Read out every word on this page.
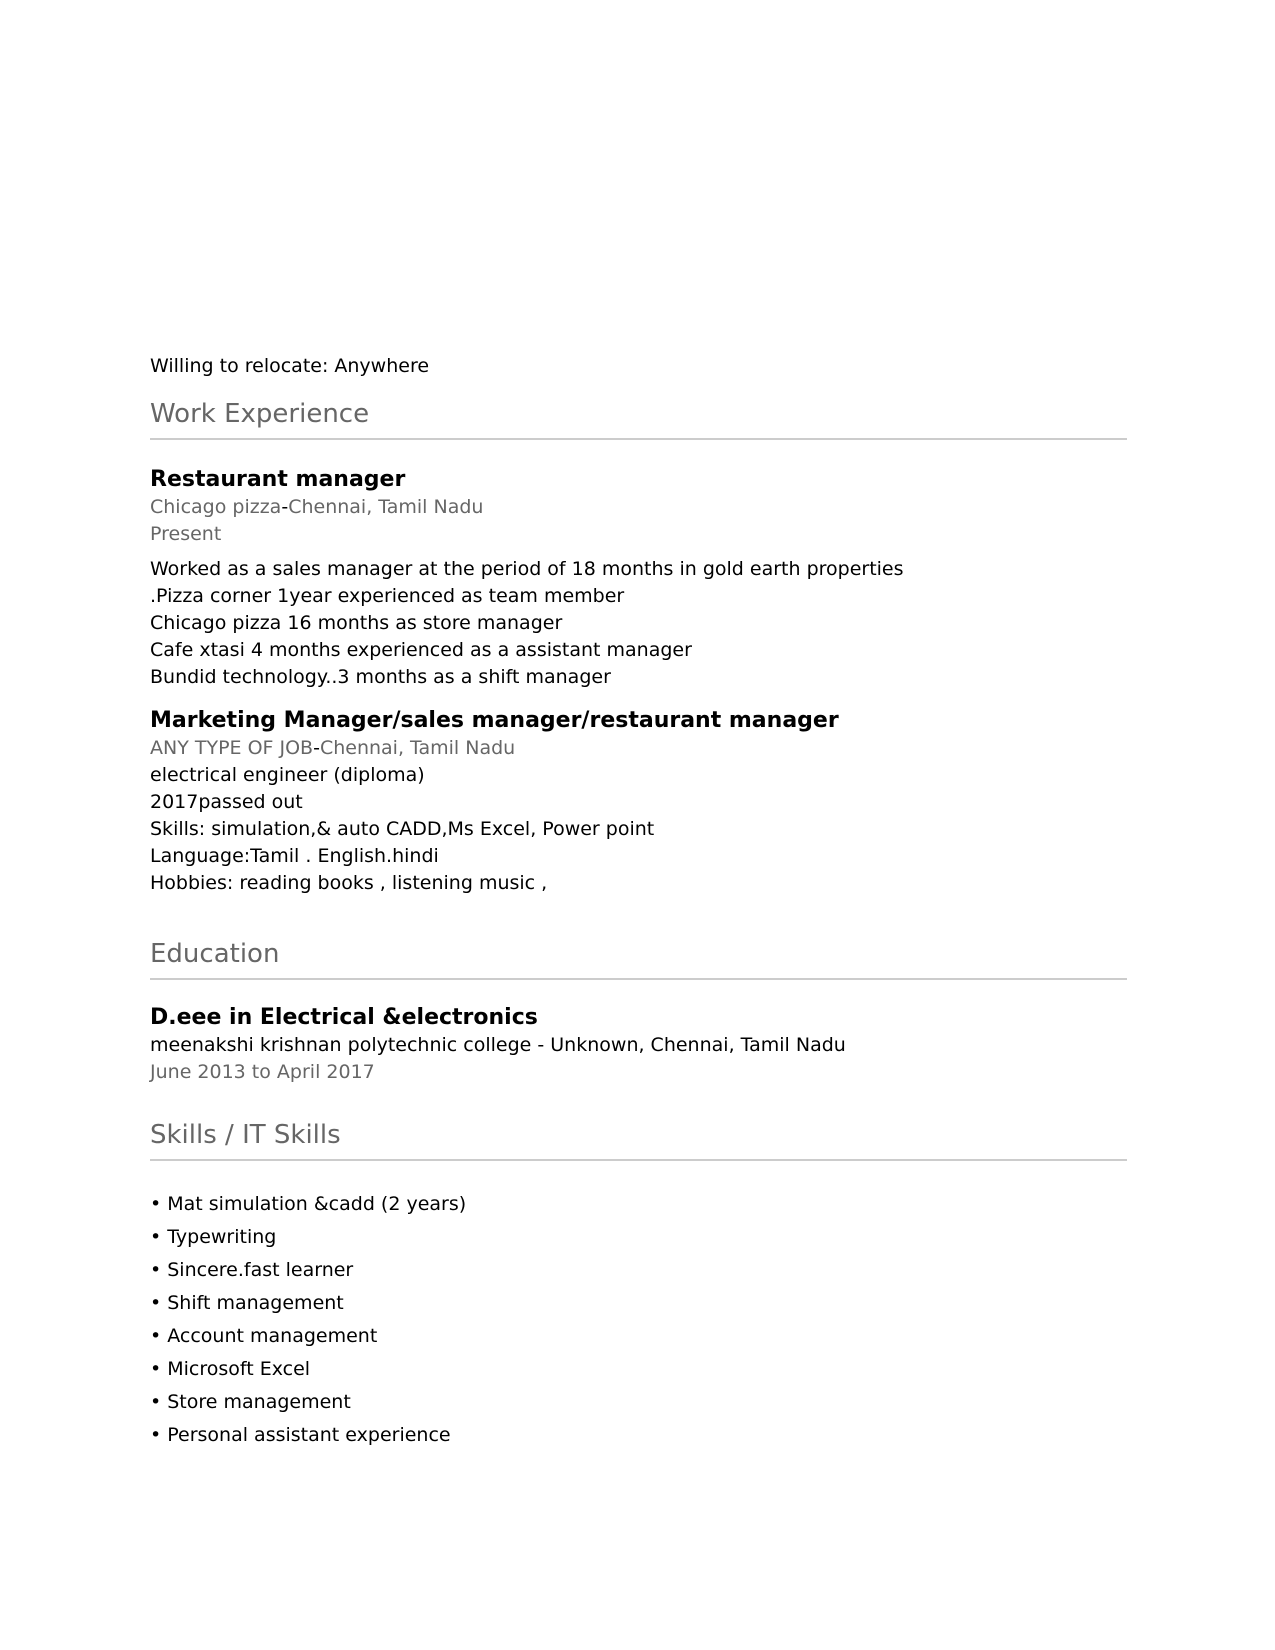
Willing to relocate: Anywhere

Work Experience

Restaurant manager

Chicago pizza-Chennai, Tamil Nadu

Present

Worked as a sales manager at the period of 18 months in gold earth properties

.Pizza corner 1year experienced as team member

Chicago pizza 16 months as store manager

Cafe xtasi 4 months experienced as a assistant manager

Bundid technology..3 months as a shift manager

Marketing Manager/sales manager/restaurant manager

ANY TYPE OF JOB-Chennai, Tamil Nadu

electrical engineer (diploma)

2017passed out

Skills: simulation,& auto CADD,Ms Excel, Power point

Language:Tamil . English.hindi

Hobbies: reading books , listening music ,

Education

D.eee in Electrical &electronics

meenakshi krishnan polytechnic college - Unknown, Chennai, Tamil Nadu

June 2013 to April 2017

Skills / IT Skills
• Mat simulation &cadd (2 years)
• Typewriting
• Sincere.fast learner
• Shift management
• Account management
• Microsoft Excel
• Store management
• Personal assistant experience
